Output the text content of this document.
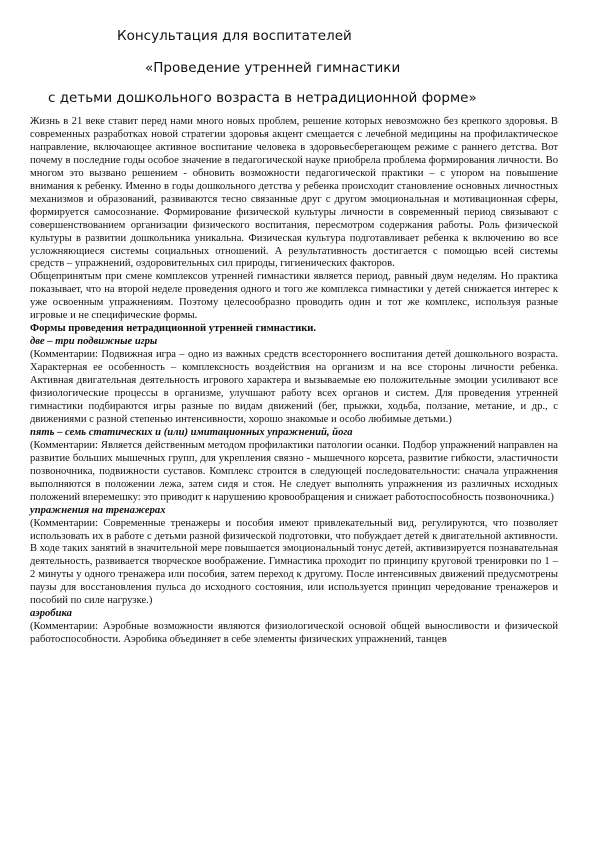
Консультация для воспитателей
«Проведение утренней гимнастики
с детьми дошкольного возраста в нетрадиционной форме»

Жизнь в 21 веке ставит перед нами много новых проблем, решение которых невозможно без крепкого здоровья. В современных разработках новой стратегии здоровья акцент смещается с лечебной медицины на профилактическое направление, включающее активное воспитание человека в здоровьесберегающем режиме с раннего детства. Вот почему в последние годы особое значение в педагогической науке приобрела проблема формирования личности. Во многом это вызвано решением - обновить возможности педагогической практики – с упором на повышение внимания к ребенку. Именно в годы дошкольного детства у ребенка происходит становление основных личностных механизмов и образований, развиваются тесно связанные друг с другом эмоциональная и мотивационная сферы, формируется самосознание. Формирование физической культуры личности в современный период связывают с совершенствованием организации физического воспитания, пересмотром содержания работы. Роль физической культуры в развитии дошкольника уникальна. Физическая культура подготавливает ребенка к включению во все усложняющиеся системы социальных отношений. А результативность достигается с помощью всей системы средств – упражнений, оздоровительных сил природы, гигиенических факторов.

Общепринятым при смене комплексов утренней гимнастики является период, равный двум неделям. Но практика показывает, что на второй неделе проведения одного и того же комплекса гимнастики у детей снижается интерес к уже освоенным упражнениям. Поэтому целесообразно проводить один и тот же комплекс, используя разные игровые и не специфические формы.

Формы проведения нетрадиционной утренней гимнастики.

две – три подвижные игры

(Комментарии: Подвижная игра – одно из важных средств всестороннего воспитания детей дошкольного возраста. Характерная ее особенность – комплексность воздействия на организм и на все стороны личности ребенка. Активная двигательная деятельность игрового характера и вызываемые ею положительные эмоции усиливают все физиологические процессы в организме, улучшают работу всех органов и систем. Для проведения утренней гимнастики подбираются игры разные по видам движений (бег, прыжки, ходьба, ползание, метание, и др., с движениями с разной степенью интенсивности, хорошо знакомые и особо любимые детьми.)

пять – семь статических и (или) имитационных упражнений, йога

(Комментарии: Является действенным методом профилактики патологии осанки. Подбор упражнений направлен на развитие больших мышечных групп, для укрепления связно - мышечного корсета, развитие гибкости, эластичности позвоночника, подвижности суставов. Комплекс строится в следующей последовательности: сначала упражнения выполняются в положении лежа, затем сидя и стоя. Не следует выполнять упражнения из различных исходных положений вперемешку: это приводит к нарушению кровообращения и снижает работоспособность позвоночника.)

упражнения на тренажерах

(Комментарии: Современные тренажеры и пособия имеют привлекательный вид, регулируются, что позволяет использовать их в работе с детьми разной физической подготовки, что побуждает детей к двигательной активности. В ходе таких занятий в значительной мере повышается эмоциональный тонус детей, активизируется познавательная деятельность, развивается творческое воображение. Гимнастика проходит по принципу круговой тренировки по 1 – 2 минуты у одного тренажера или пособия, затем переход к другому. После интенсивных движений предусмотрены паузы для восстановления пульса до исходного состояния, или используется принцип чередование тренажеров и пособий по силе нагрузке.)

аэробика

(Комментарии: Аэробные возможности являются физиологической основой общей выносливости и физической работоспособности. Аэробика объединяет в себе элементы физических упражнений, танцев
